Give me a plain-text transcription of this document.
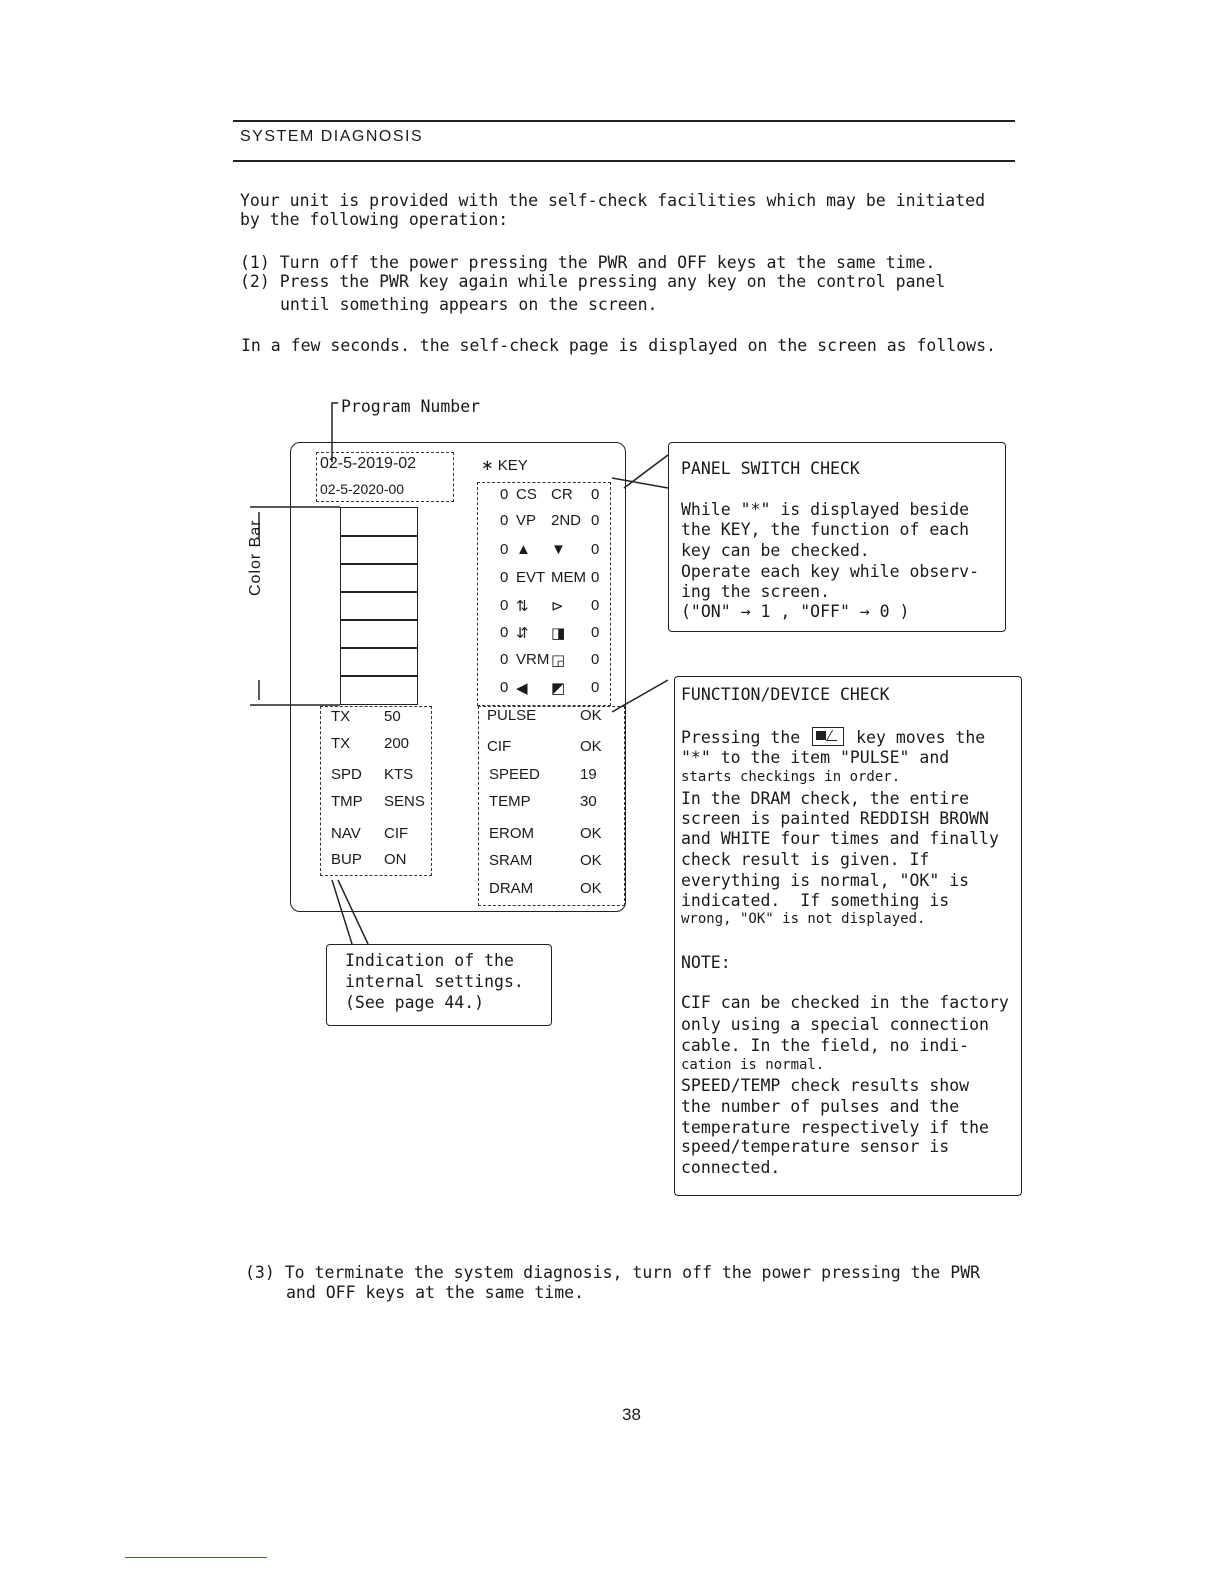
SYSTEM DIAGNOSIS
Your unit is provided with the self-check facilities which may be initiated
by the following operation:
(1) Turn off the power pressing the PWR and OFF keys at the same time.
(2) Press the PWR key again while pressing any key on the control panel
until something appears on the screen.
In a few seconds. the self-check page is displayed on the screen as follows.
Program Number
Color Bar
02-5-2019-02
02-5-2020-00
∗ KEY
0 CS CR 0
0 VP 2ND 0
0 ▲ ▼ 0
0 EVT MEM 0
0 ⇅ ⊳ 0
0 ⇵ ◨ 0
0 VRM ◲ 0
0 ◀ ◩ 0
TX 50
TX 200
SPD KTS
TMP SENS
NAV CIF
BUP ON
PULSE	OK
CIF	OK
SPEED	19
TEMP	30
EROM	OK
SRAM	OK
DRAM	OK
Indication of the
internal settings.
(See page 44.)
PANEL SWITCH CHECK
While "*" is displayed beside
the KEY, the function of each
key can be checked.
Operate each key while observ-
ing the screen.
("ON" → 1 , "OFF" → 0 )
FUNCTION/DEVICE CHECK
Pressing the	key moves the
"*" to the item "PULSE" and
starts checkings in order.
In the DRAM check, the entire
screen is painted REDDISH BROWN
and WHITE four times and finally
check result is given. If
everything is normal, "OK" is
indicated.  If something is
wrong, "OK" is not displayed.
NOTE:
CIF can be checked in the factory
only using a special connection
cable. In the field, no indi-
cation is normal.
SPEED/TEMP check results show
the number of pulses and the
temperature respectively if the
speed/temperature sensor is
connected.
(3) To terminate the system diagnosis, turn off the power pressing the PWR
and OFF keys at the same time.
38
